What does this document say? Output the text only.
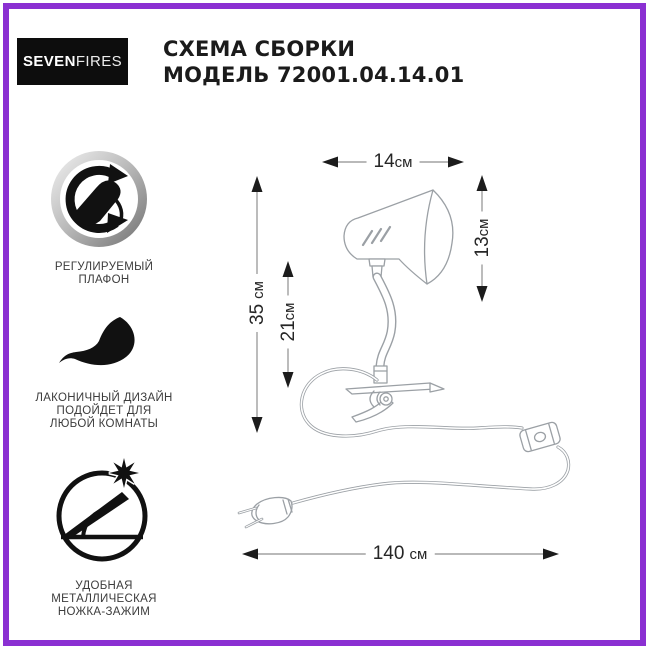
SEVEN FIRES
СХЕМА СБОРКИ
МОДЕЛЬ 72001.04.14.01
РЕГУЛИРУЕМЫЙ
ПЛАФОН
ЛАКОНИЧНЫЙ ДИЗАЙН
ПОДОЙДЕТ ДЛЯ
ЛЮБОЙ КОМНАТЫ
УДОБНАЯ
МЕТАЛЛИЧЕСКАЯ
НОЖКА-ЗАЖИМ
14 см
13
см
35
см
21
см
140 см
